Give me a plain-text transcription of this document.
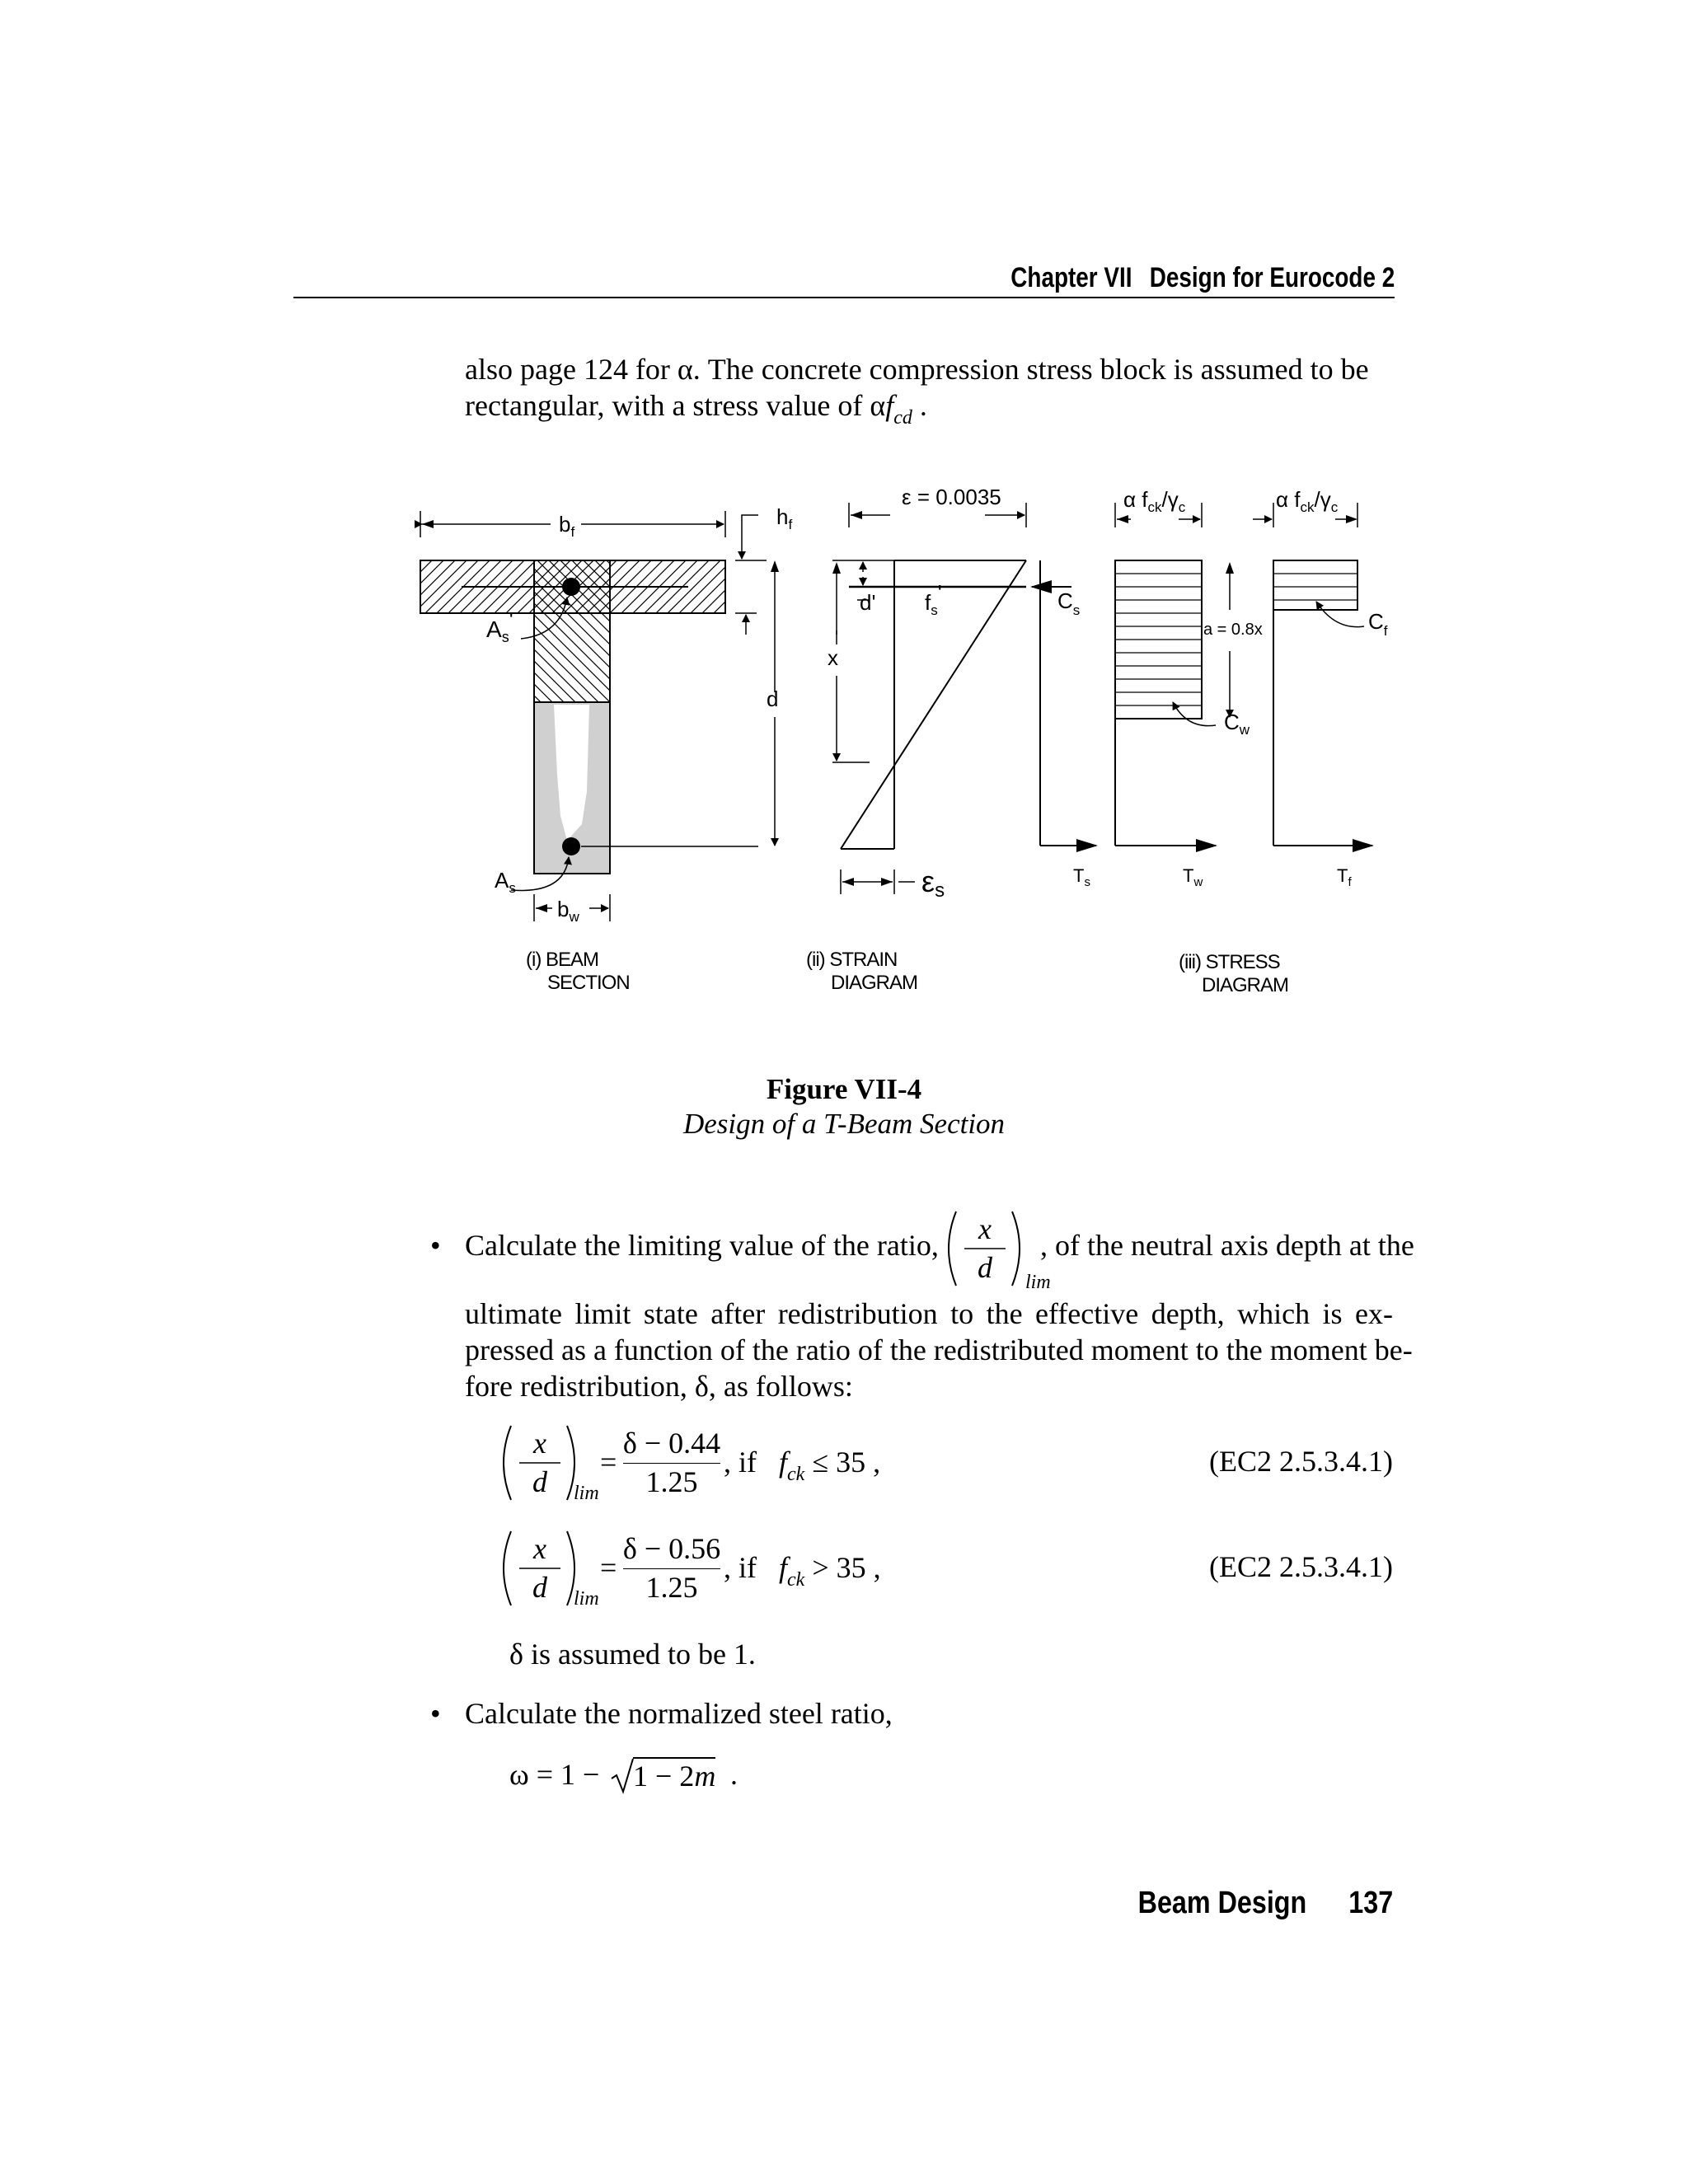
Chapter VII Design for Eurocode 2
also page 124 for α. The concrete compression stress block is assumed to be
rectangular, with a stress value of $\alpha f_{cd}$ .
$b_f$
$h_f$
ε = 0.0035	α $f_{ck}/\gamma_c$	α $f_{ck}/\gamma_c$
$A_s'$
d' $f_s'$	$C_s$
a = 0.8x	$C_f$
x
d
$C_w$
$A_s$
$b_w$
εs
$T_s$	$T_w$	$T_f$
(i) BEAM
SECTION
(ii) STRAIN
DIAGRAM
(iii) STRESS
DIAGRAM
Figure VII-4
Design of a T-Beam Section
• Calculate the limiting value of the ratio,	x
d	lim
, of the neutral axis depth at the
ultimate limit state after redistribution to the effective depth, which is ex-
pressed as a function of the ratio of the redistributed moment to the moment be-
fore redistribution, δ, as follows:
x
d	lim
=
δ − 0.44
1.25
, if $f_{ck} \le 35$ ,	(EC2 2.5.3.4.1)
x
d	lim
=
δ − 0.56
1.25
, if $f_{ck} > 35$ ,	(EC2 2.5.3.4.1)
δ is assumed to be 1.
• Calculate the normalized steel ratio,
ω = 1 − 1 − 2m .
Beam Design 137
